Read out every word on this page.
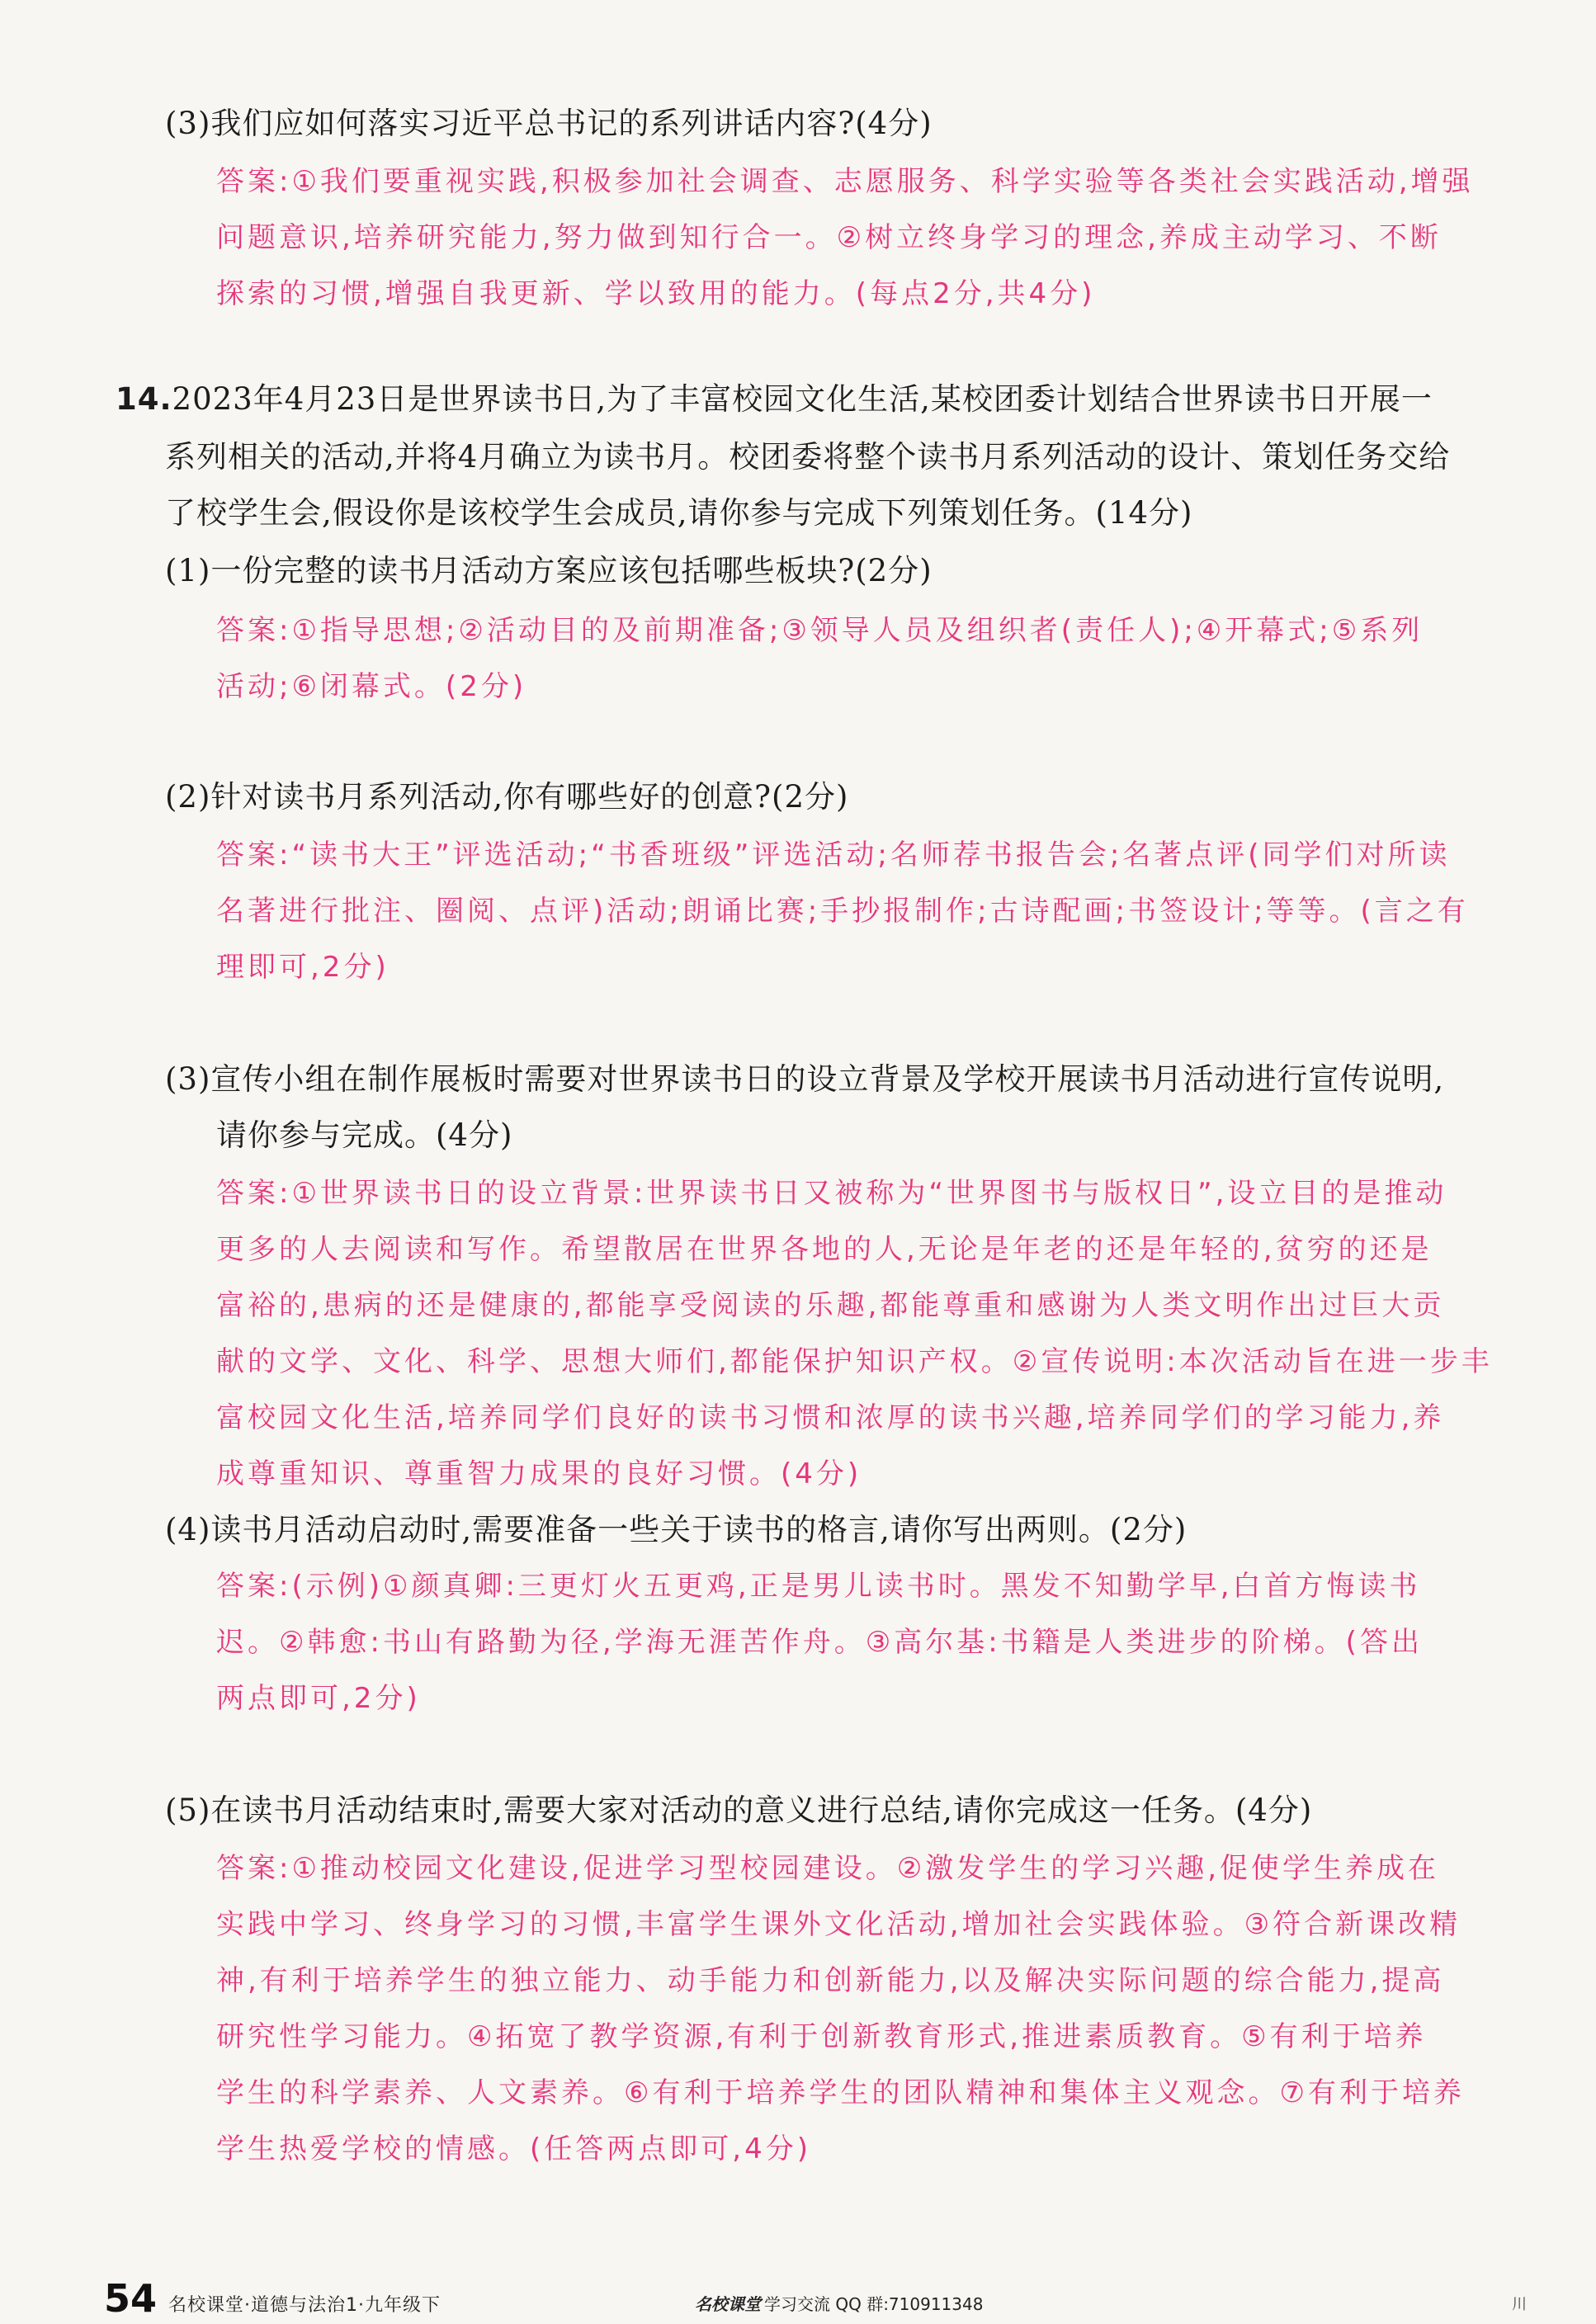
(3)我们应如何落实习近平总书记的系列讲话内容?(4分)
答案:①我们要重视实践,积极参加社会调查、志愿服务、科学实验等各类社会实践活动,增强
问题意识,培养研究能力,努力做到知行合一。②树立终身学习的理念,养成主动学习、不断
探索的习惯,增强自我更新、学以致用的能力。(每点2分,共4分)
14.2023年4月23日是世界读书日,为了丰富校园文化生活,某校团委计划结合世界读书日开展一
系列相关的活动,并将4月确立为读书月。校团委将整个读书月系列活动的设计、策划任务交给
了校学生会,假设你是该校学生会成员,请你参与完成下列策划任务。(14分)
(1)一份完整的读书月活动方案应该包括哪些板块?(2分)
答案:①指导思想;②活动目的及前期准备;③领导人员及组织者(责任人);④开幕式;⑤系列
活动;⑥闭幕式。(2分)
(2)针对读书月系列活动,你有哪些好的创意?(2分)
答案:“读书大王”评选活动;“书香班级”评选活动;名师荐书报告会;名著点评(同学们对所读
名著进行批注、圈阅、点评)活动;朗诵比赛;手抄报制作;古诗配画;书签设计;等等。(言之有
理即可,2分)
(3)宣传小组在制作展板时需要对世界读书日的设立背景及学校开展读书月活动进行宣传说明,
请你参与完成。(4分)
答案:①世界读书日的设立背景:世界读书日又被称为“世界图书与版权日”,设立目的是推动
更多的人去阅读和写作。希望散居在世界各地的人,无论是年老的还是年轻的,贫穷的还是
富裕的,患病的还是健康的,都能享受阅读的乐趣,都能尊重和感谢为人类文明作出过巨大贡
献的文学、文化、科学、思想大师们,都能保护知识产权。②宣传说明:本次活动旨在进一步丰
富校园文化生活,培养同学们良好的读书习惯和浓厚的读书兴趣,培养同学们的学习能力,养
成尊重知识、尊重智力成果的良好习惯。(4分)
(4)读书月活动启动时,需要准备一些关于读书的格言,请你写出两则。(2分)
答案:(示例)①颜真卿:三更灯火五更鸡,正是男儿读书时。黑发不知勤学早,白首方悔读书
迟。②韩愈:书山有路勤为径,学海无涯苦作舟。③高尔基:书籍是人类进步的阶梯。(答出
两点即可,2分)
(5)在读书月活动结束时,需要大家对活动的意义进行总结,请你完成这一任务。(4分)
答案:①推动校园文化建设,促进学习型校园建设。②激发学生的学习兴趣,促使学生养成在
实践中学习、终身学习的习惯,丰富学生课外文化活动,增加社会实践体验。③符合新课改精
神,有利于培养学生的独立能力、动手能力和创新能力,以及解决实际问题的综合能力,提高
研究性学习能力。④拓宽了教学资源,有利于创新教育形式,推进素质教育。⑤有利于培养
学生的科学素养、人文素养。⑥有利于培养学生的团队精神和集体主义观念。⑦有利于培养
学生热爱学校的情感。(任答两点即可,4分)
54 名校课堂·道德与法治1·九年级下	名校课堂 学习交流 QQ 群:710911348	川
